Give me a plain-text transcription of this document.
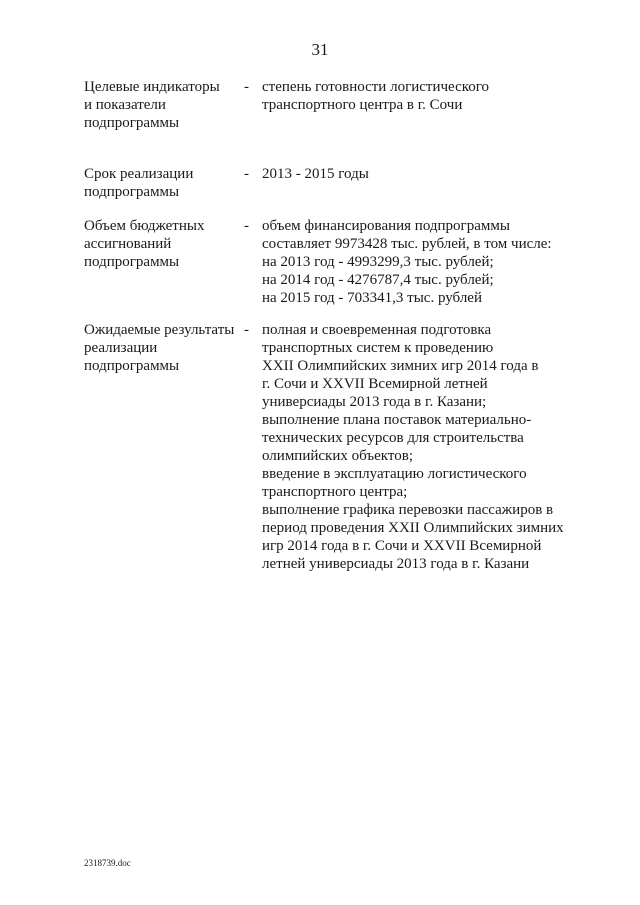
31
Целевые индикаторы
и показатели
подпрограммы
- степень готовности логистического
транспортного центра в г. Сочи
Срок реализации
подпрограммы
- 2013 - 2015 годы
Объем бюджетных
ассигнований
подпрограммы
- объем финансирования подпрограммы
составляет 9973428 тыс. рублей, в том числе:
на 2013 год - 4993299,3 тыс. рублей;
на 2014 год - 4276787,4 тыс. рублей;
на 2015 год - 703341,3 тыс. рублей
Ожидаемые результаты
реализации
подпрограммы
- полная и своевременная подготовка
транспортных систем к проведению
XXII Олимпийских зимних игр 2014 года в
г. Сочи и XXVII Всемирной летней
универсиады 2013 года в г. Казани;
выполнение плана поставок материально-
технических ресурсов для строительства
олимпийских объектов;
введение в эксплуатацию логистического
транспортного центра;
выполнение графика перевозки пассажиров в
период проведения XXII Олимпийских зимних
игр 2014 года в г. Сочи и XXVII Всемирной
летней универсиады 2013 года в г. Казани
2318739.doc
